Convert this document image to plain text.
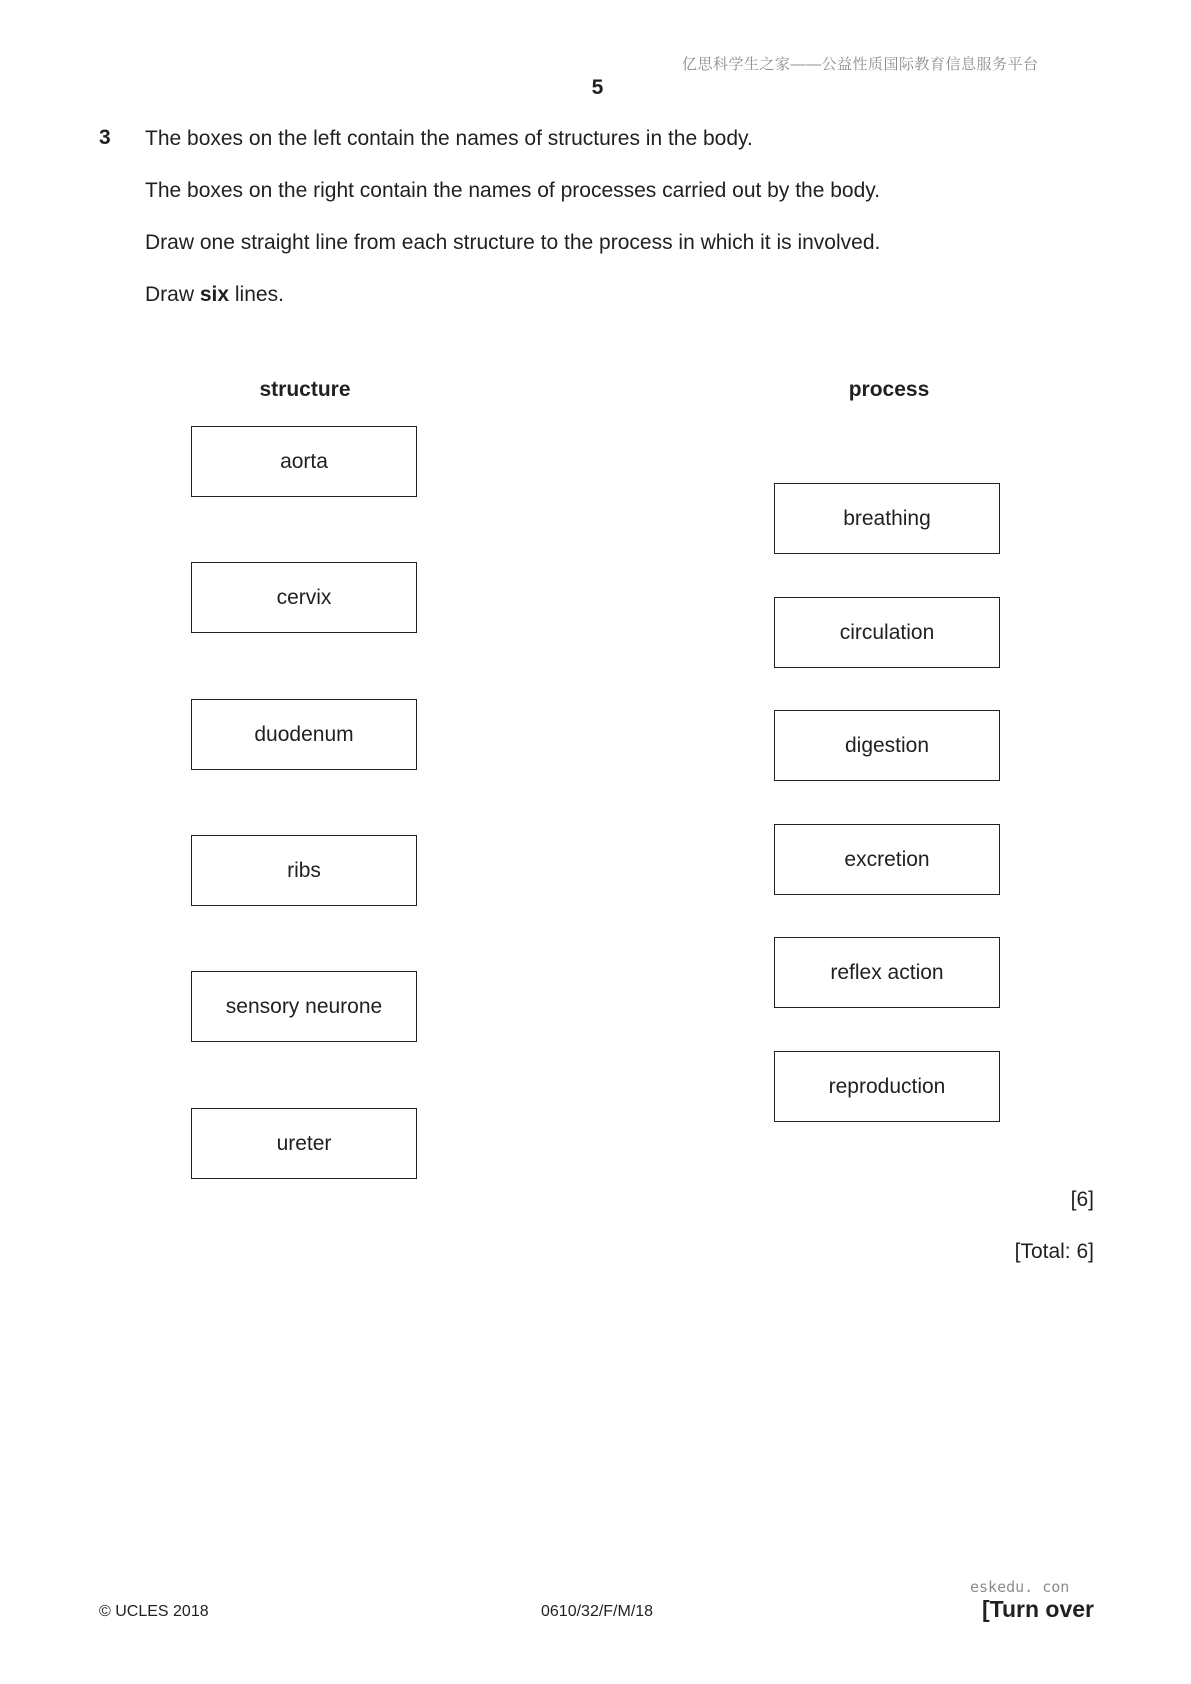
亿思科学生之家——公益性质国际教育信息服务平台
5
3 The boxes on the left contain the names of structures in the body.
The boxes on the right contain the names of processes carried out by the body.
Draw one straight line from each structure to the process in which it is involved.
Draw six lines.
structure	process
aorta
cervix
duodenum
ribs
sensory neurone
ureter
breathing
circulation
digestion
excretion
reflex action
reproduction
[6]
[Total: 6]
eskedu. con
© UCLES 2018	0610/32/F/M/18	[Turn over
